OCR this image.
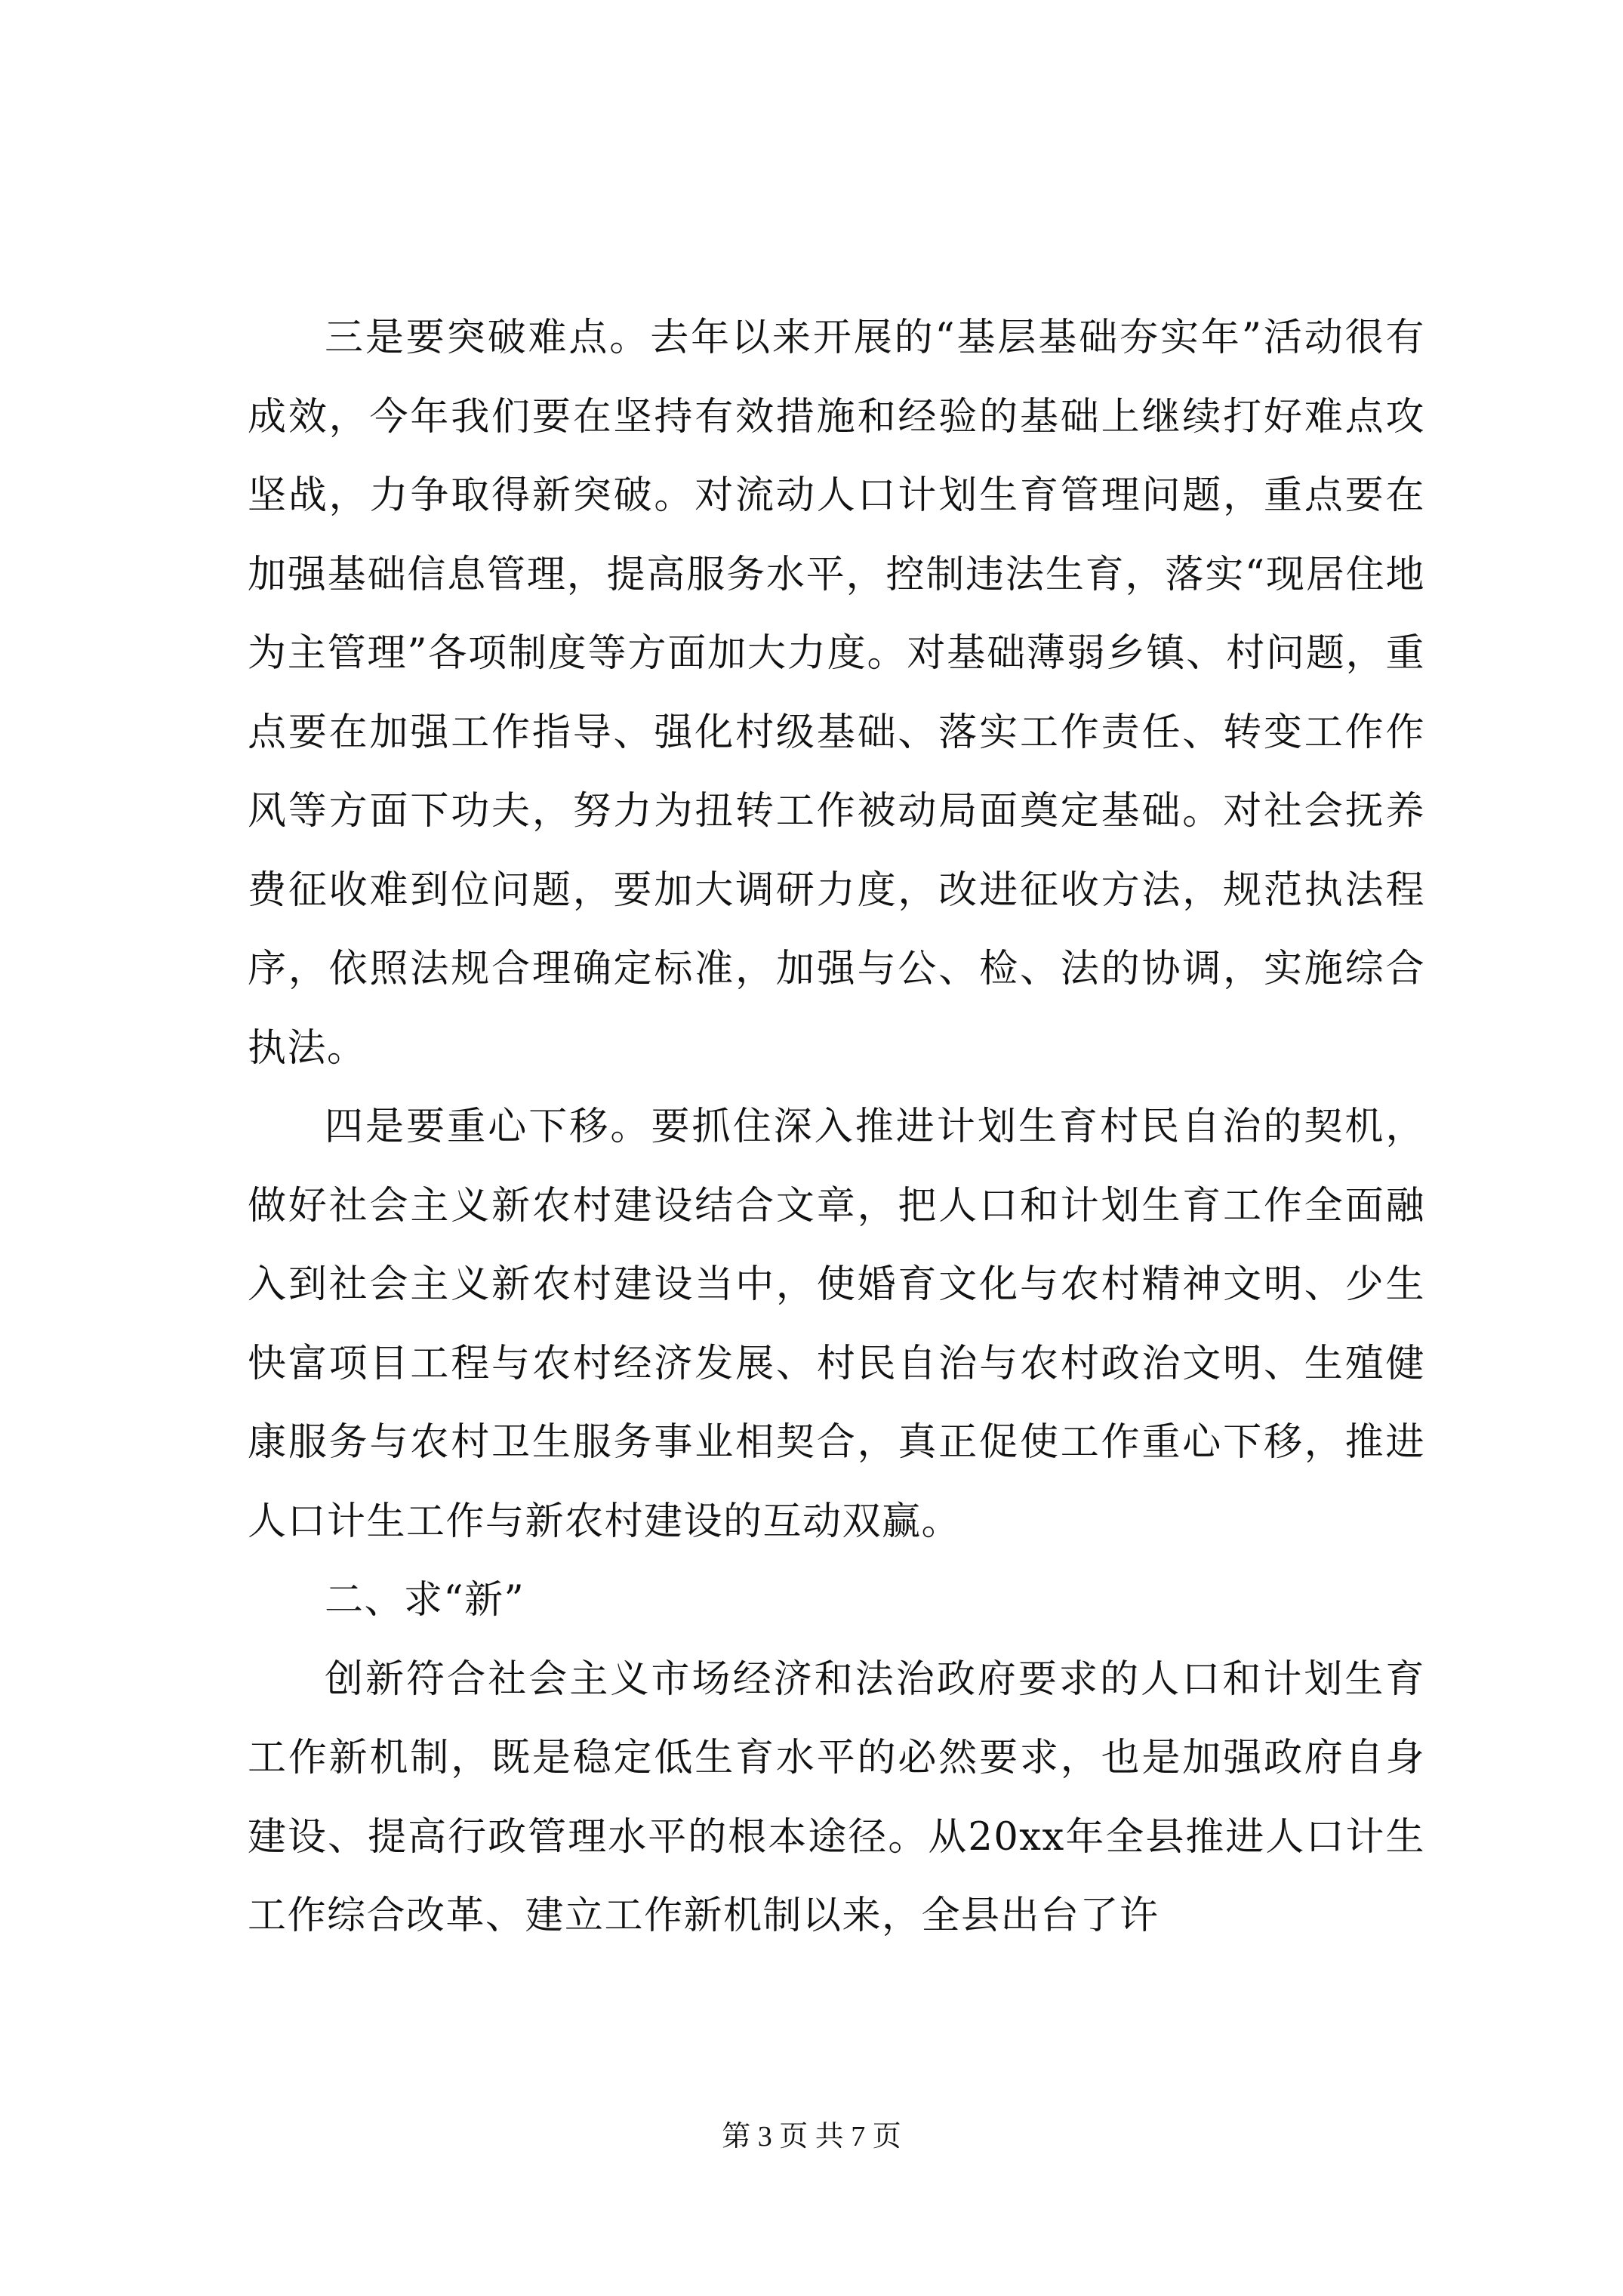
三是要突破难点。去年以来开展的“基层基础夯实年”活动很有成效，今年我们要在坚持有效措施和经验的基础上继续打好难点攻坚战，力争取得新突破。对流动人口计划生育管理问题，重点要在加强基础信息管理，提高服务水平，控制违法生育，落实“现居住地为主管理”各项制度等方面加大力度。对基础薄弱乡镇、村问题，重点要在加强工作指导、强化村级基础、落实工作责任、转变工作作风等方面下功夫，努力为扭转工作被动局面奠定基础。对社会抚养费征收难到位问题，要加大调研力度，改进征收方法，规范执法程序，依照法规合理确定标准，加强与公、检、法的协调，实施综合执法。

四是要重心下移。要抓住深入推进计划生育村民自治的契机，做好社会主义新农村建设结合文章，把人口和计划生育工作全面融入到社会主义新农村建设当中，使婚育文化与农村精神文明、少生快富项目工程与农村经济发展、村民自治与农村政治文明、生殖健康服务与农村卫生服务事业相契合，真正促使工作重心下移，推进人口计生工作与新农村建设的互动双赢。

二、求“新”

创新符合社会主义市场经济和法治政府要求的人口和计划生育工作新机制，既是稳定低生育水平的必然要求，也是加强政府自身建设、提高行政管理水平的根本途径。从20xx年全县推进人口计生工作综合改革、建立工作新机制以来，全县出台了许

第 3 页 共 7 页
